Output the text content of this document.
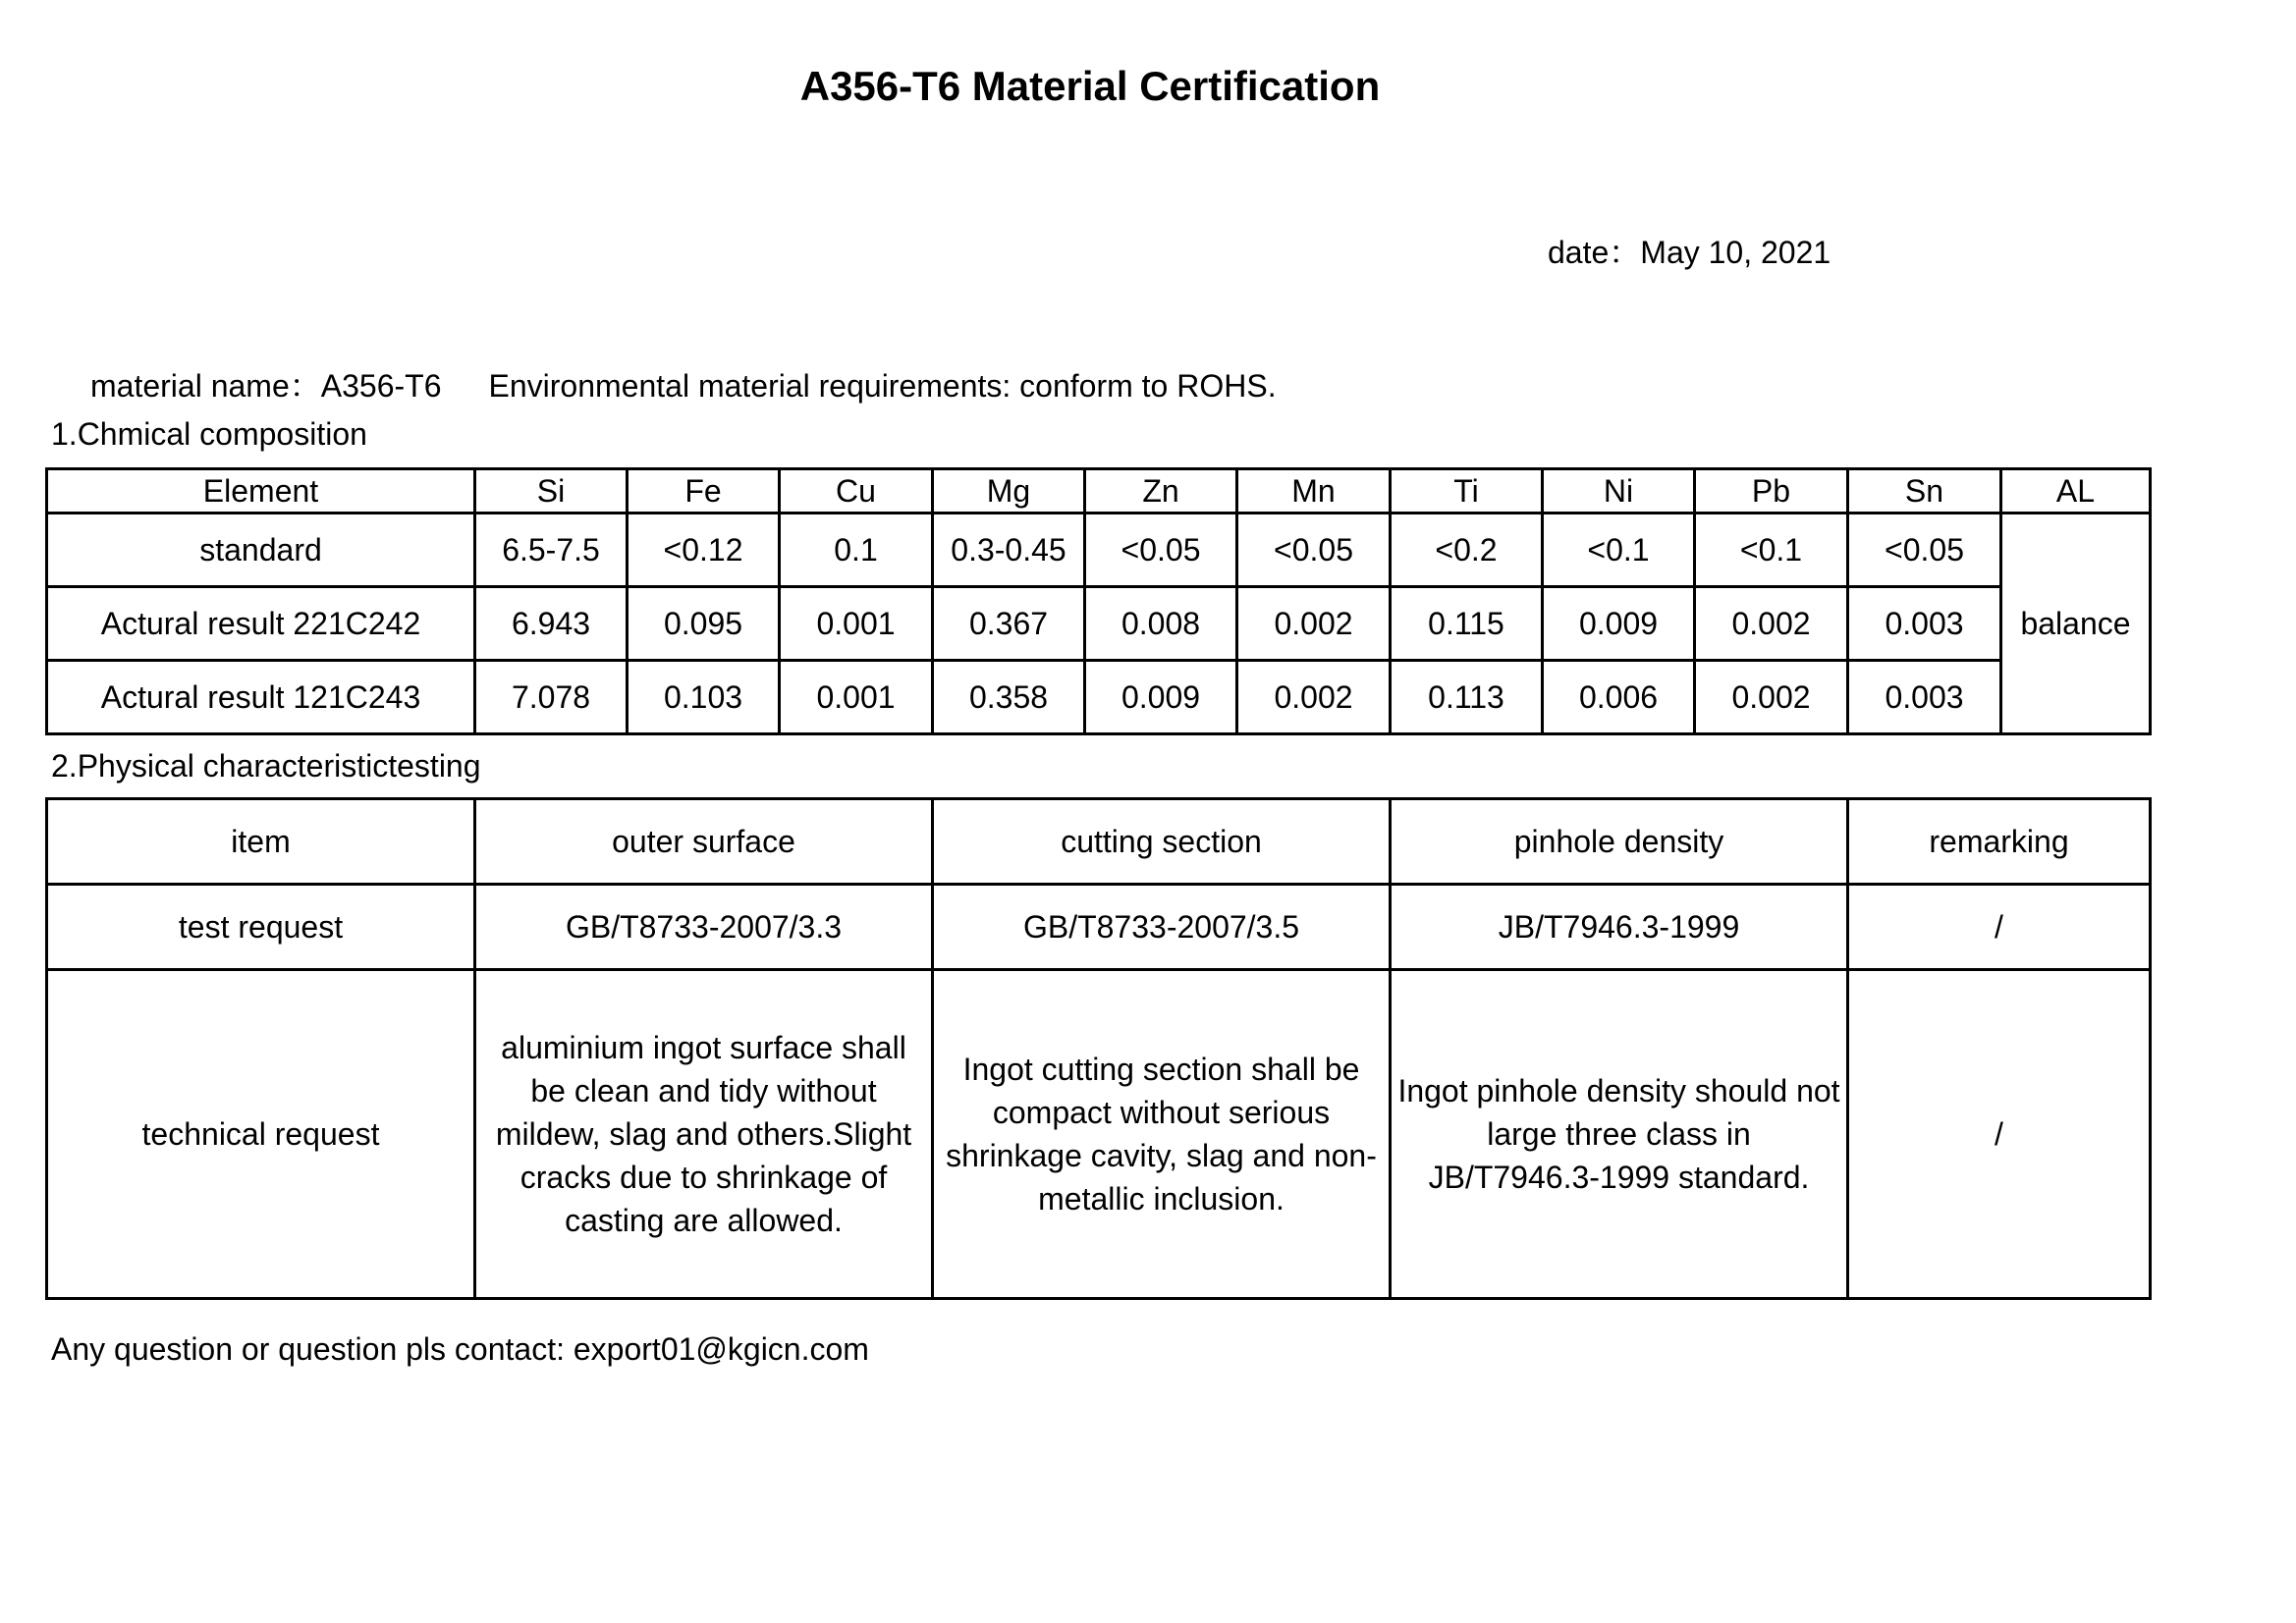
A356-T6 Material Certification
date：May 10, 2021
material name：A356-T6 Environmental material requirements: conform to ROHS.
1.Chmical composition
Element	Si	Fe	Cu	Mg	Zn	Mn	Ti	Ni	Pb	Sn	AL
standard	6.5-7.5	<0.12	0.1	0.3-0.45	<0.05	<0.05	<0.2	<0.1	<0.1	<0.05	balance
Actural result 221C242	6.943	0.095	0.001	0.367	0.008	0.002	0.115	0.009	0.002	0.003	
Actural result 121C243	7.078	0.103	0.001	0.358	0.009	0.002	0.113	0.006	0.002	0.003	
2.Physical characteristictesting
item	outer surface	cutting section	pinhole density	remarking
test request	GB/T8733-2007/3.3	GB/T8733-2007/3.5	JB/T7946.3-1999	/
technical request	aluminium ingot surface shall be clean and tidy without mildew, slag and others.Slight cracks due to shrinkage of casting are allowed.	Ingot cutting section shall be compact without serious shrinkage cavity, slag and non-metallic inclusion.	Ingot pinhole density should not large three class in JB/T7946.3-1999 standard.	/
Any question or question pls contact: export01@kgicn.com
